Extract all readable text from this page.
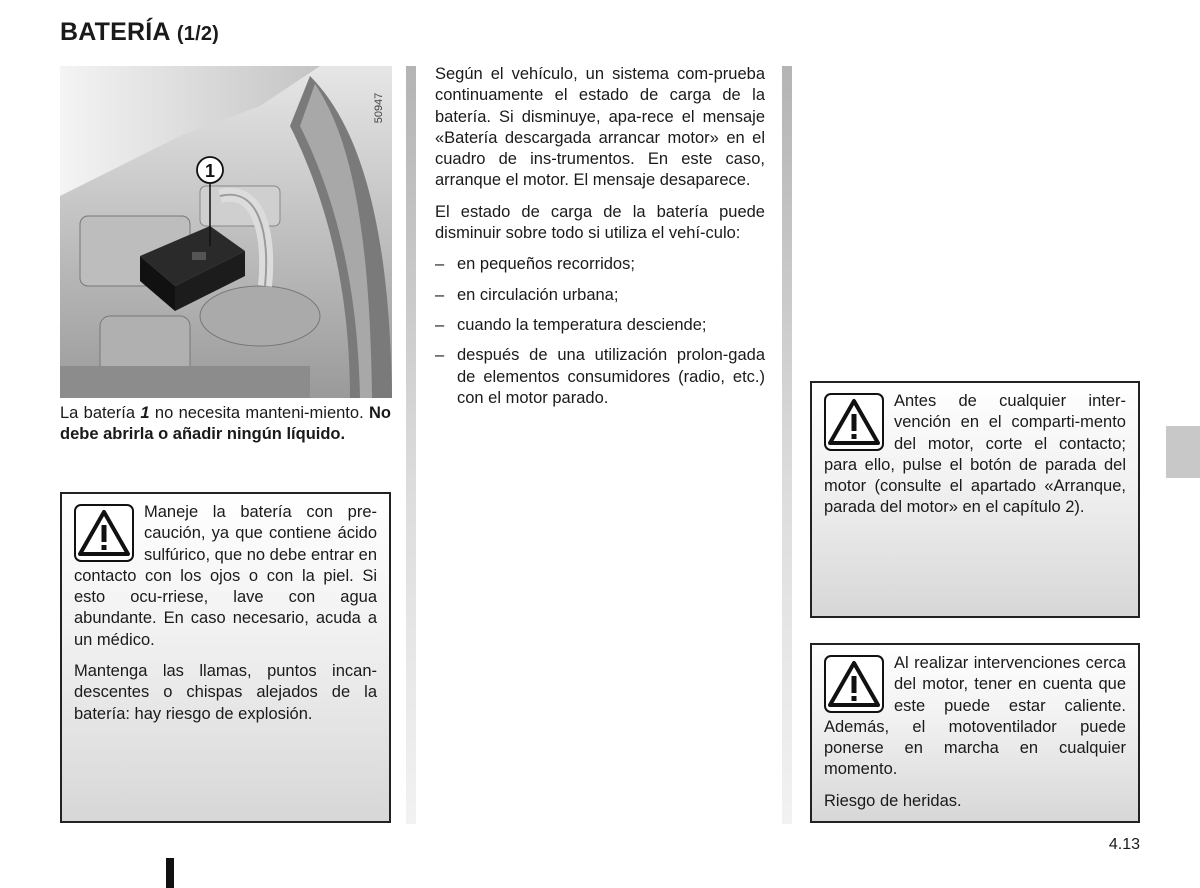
BATERÍA (1/2)
1
50947
La batería 1 no necesita manteni-miento. No debe abrirla o añadir ningún líquido.

Maneje la batería con pre-caución, ya que contiene ácido sulfúrico, que no debe entrar en contacto con los ojos o con la piel. Si esto ocu-rriese, lave con agua abundante. En caso necesario, acuda a un médico.

Mantenga las llamas, puntos incan-descentes o chispas alejados de la batería: hay riesgo de explosión.

Según el vehículo, un sistema com-prueba continuamente el estado de carga de la batería. Si disminuye, apa-rece el mensaje «Batería descargada arrancar motor» en el cuadro de ins-trumentos. En este caso, arranque el motor. El mensaje desaparece.

El estado de carga de la batería puede disminuir sobre todo si utiliza el vehí-culo:

– en pequeños recorridos;
– en circulación urbana;
– cuando la temperatura desciende;
– después de una utilización prolon-gada de elementos consumidores (radio, etc.) con el motor parado.	Antes de cualquier inter-vención en el comparti-mento del motor, corte el contacto; para ello, pulse el botón de parada del motor (consulte el apartado «Arranque, parada del motor» en el capítulo 2).

Al realizar intervenciones cerca del motor, tener en cuenta que este puede estar caliente. Además, el motoventilador puede ponerse en marcha en cualquier momento.

Riesgo de heridas.

4.13
